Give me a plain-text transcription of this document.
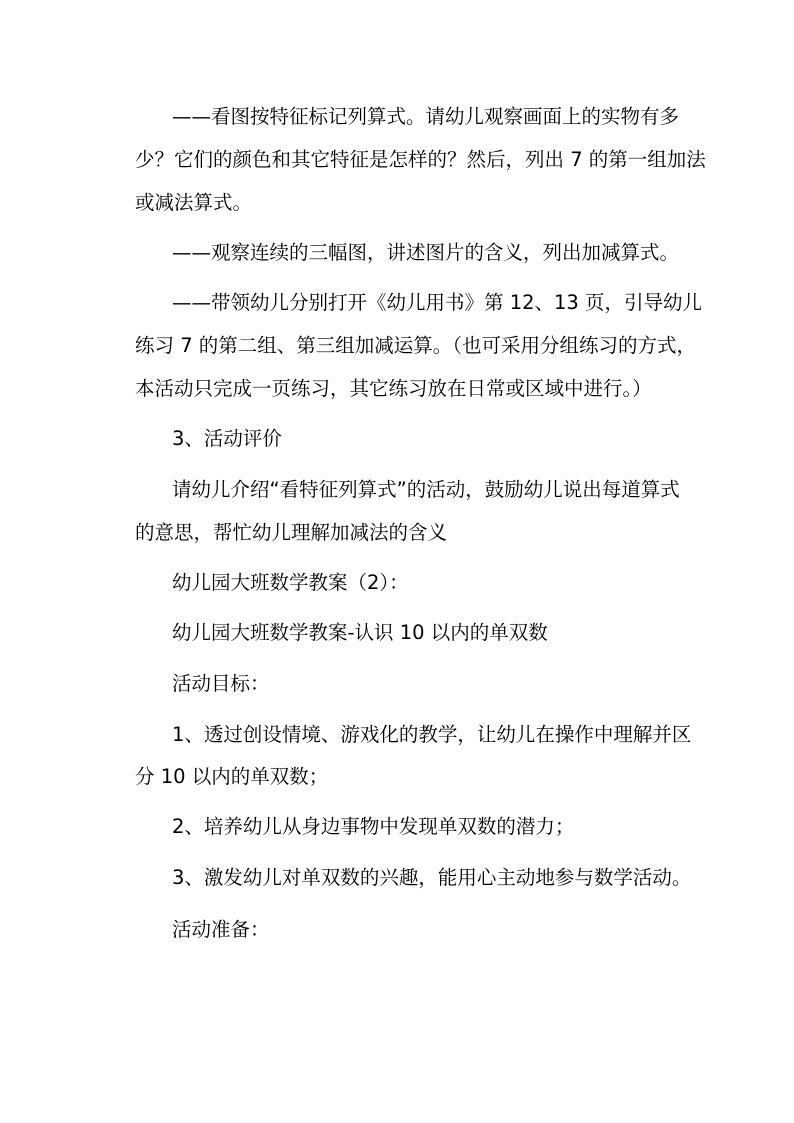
——看图按特征标记列算式。请幼儿观察画面上的实物有多
少？它们的颜色和其它特征是怎样的？然后，列出 7 的第一组加法
或减法算式。
——观察连续的三幅图，讲述图片的含义，列出加减算式。
——带领幼儿分别打开《幼儿用书》第 12、13 页，引导幼儿
练习 7 的第二组、第三组加减运算。（也可采用分组练习的方式，
本活动只完成一页练习，其它练习放在日常或区域中进行。）
3、活动评价
请幼儿介绍“看特征列算式”的活动，鼓励幼儿说出每道算式
的意思，帮忙幼儿理解加减法的含义
幼儿园大班数学教案（2）：
幼儿园大班数学教案-认识 10 以内的单双数
活动目标：
1、透过创设情境、游戏化的教学，让幼儿在操作中理解并区
分 10 以内的单双数；
2、培养幼儿从身边事物中发现单双数的潜力；
3、激发幼儿对单双数的兴趣，能用心主动地参与数学活动。
活动准备：
